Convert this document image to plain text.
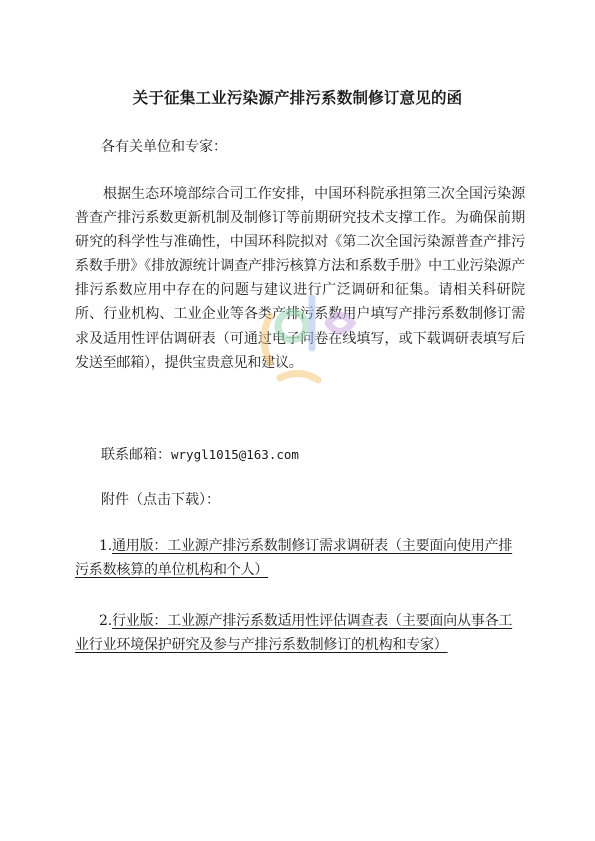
关于征集工业污染源产排污系数制修订意见的函
各有关单位和专家：
根据生态环境部综合司工作安排，中国环科院承担第三次全国污染源普查产排污系数更新机制及制修订等前期研究技术支撑工作。为确保前期研究的科学性与准确性，中国环科院拟对《第二次全国污染源普查产排污系数手册》《排放源统计调查产排污核算方法和系数手册》中工业污染源产排污系数应用中存在的问题与建议进行广泛调研和征集。请相关科研院所、行业机构、工业企业等各类产排污系数用户填写产排污系数制修订需求及适用性评估调研表（可通过电子问卷在线填写，或下载调研表填写后发送至邮箱），提供宝贵意见和建议。
联系邮箱：wrygl1015@163.com
附件（点击下载）：
1.通用版：工业源产排污系数制修订需求调研表（主要面向使用产排污系数核算的单位机构和个人）
2.行业版：工业源产排污系数适用性评估调查表（主要面向从事各工业行业环境保护研究及参与产排污系数制修订的机构和专家）
